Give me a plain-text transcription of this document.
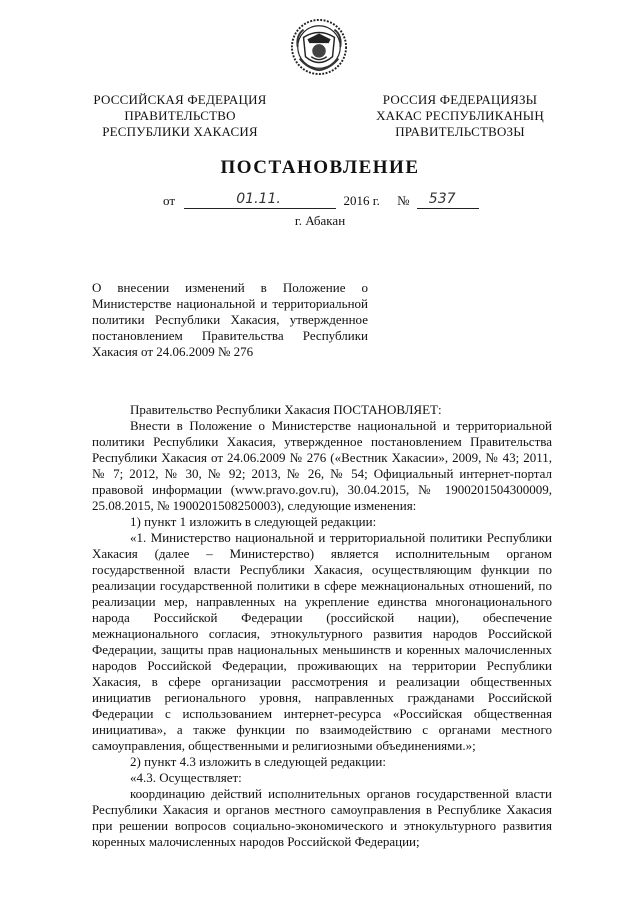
РОССИЙСКАЯ ФЕДЕРАЦИЯ
ПРАВИТЕЛЬСТВО
РЕСПУБЛИКИ ХАКАСИЯ
РОССИЯ ФЕДЕРАЦИЯЗЫ
ХАКАС РЕСПУБЛИКАНЫҢ
ПРАВИТЕЛЬСТВОЗЫ
ПОСТАНОВЛЕНИЕ
от	01.11.	2016 г. № 537
г. Абакан
О внесении изменений в Положение о Министерстве национальной и территориальной политики Республики Хакасия, утвержденное постановлением Правительства Республики Хакасия от 24.06.2009 № 276

Правительство Республики Хакасия ПОСТАНОВЛЯЕТ:

Внести в Положение о Министерстве национальной и территориальной политики Республики Хакасия, утвержденное постановлением Правительства Республики Хакасия от 24.06.2009 № 276 («Вестник Хакасии», 2009, № 43; 2011, № 7; 2012, № 30, № 92; 2013, № 26, № 54; Официальный интернет-портал правовой информации (www.pravo.gov.ru), 30.04.2015, № 1900201504300009, 25.08.2015, № 1900201508250003), следующие изменения:

1) пункт 1 изложить в следующей редакции:

«1. Министерство национальной и территориальной политики Республики Хакасия (далее – Министерство) является исполнительным органом государственной власти Республики Хакасия, осуществляющим функции по реализации государственной политики в сфере межнациональных отношений, по реализации мер, направленных на укрепление единства многонационального народа Российской Федерации (российской нации), обеспечение межнационального согласия, этнокультурного развития народов Российской Федерации, защиты прав национальных меньшинств и коренных малочисленных народов Российской Федерации, проживающих на территории Республики Хакасия, в сфере организации рассмотрения и реализации общественных инициатив регионального уровня, направленных гражданами Российской Федерации с использованием интернет-ресурса «Российская общественная инициатива», а также функции по взаимодействию с органами местного самоуправления, общественными и религиозными объединениями.»;

2) пункт 4.3 изложить в следующей редакции:

«4.3. Осуществляет:

координацию действий исполнительных органов государственной власти Республики Хакасия и органов местного самоуправления в Республике Хакасия при решении вопросов социально-экономического и этнокультурного развития коренных малочисленных народов Российской Федерации;
